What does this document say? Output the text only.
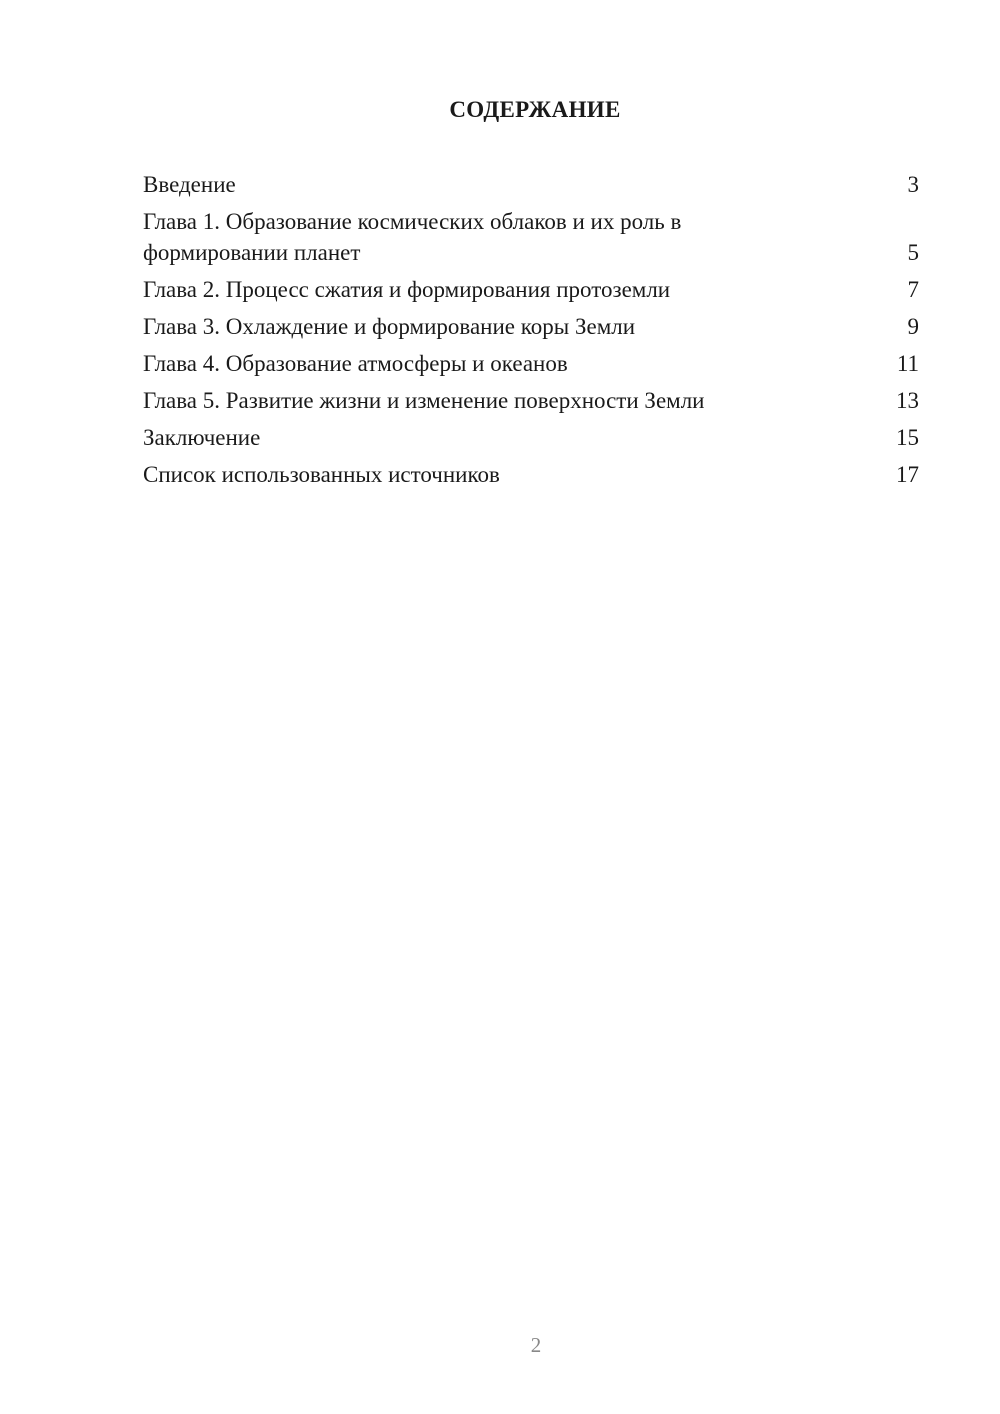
СОДЕРЖАНИЕ
Введение	3
Глава 1. Образование космических облаков и их роль в формировании планет	5
Глава 2. Процесс сжатия и формирования протоземли	7
Глава 3. Охлаждение и формирование коры Земли	9
Глава 4. Образование атмосферы и океанов	11
Глава 5. Развитие жизни и изменение поверхности Земли	13
Заключение	15
Список использованных источников	17
2
